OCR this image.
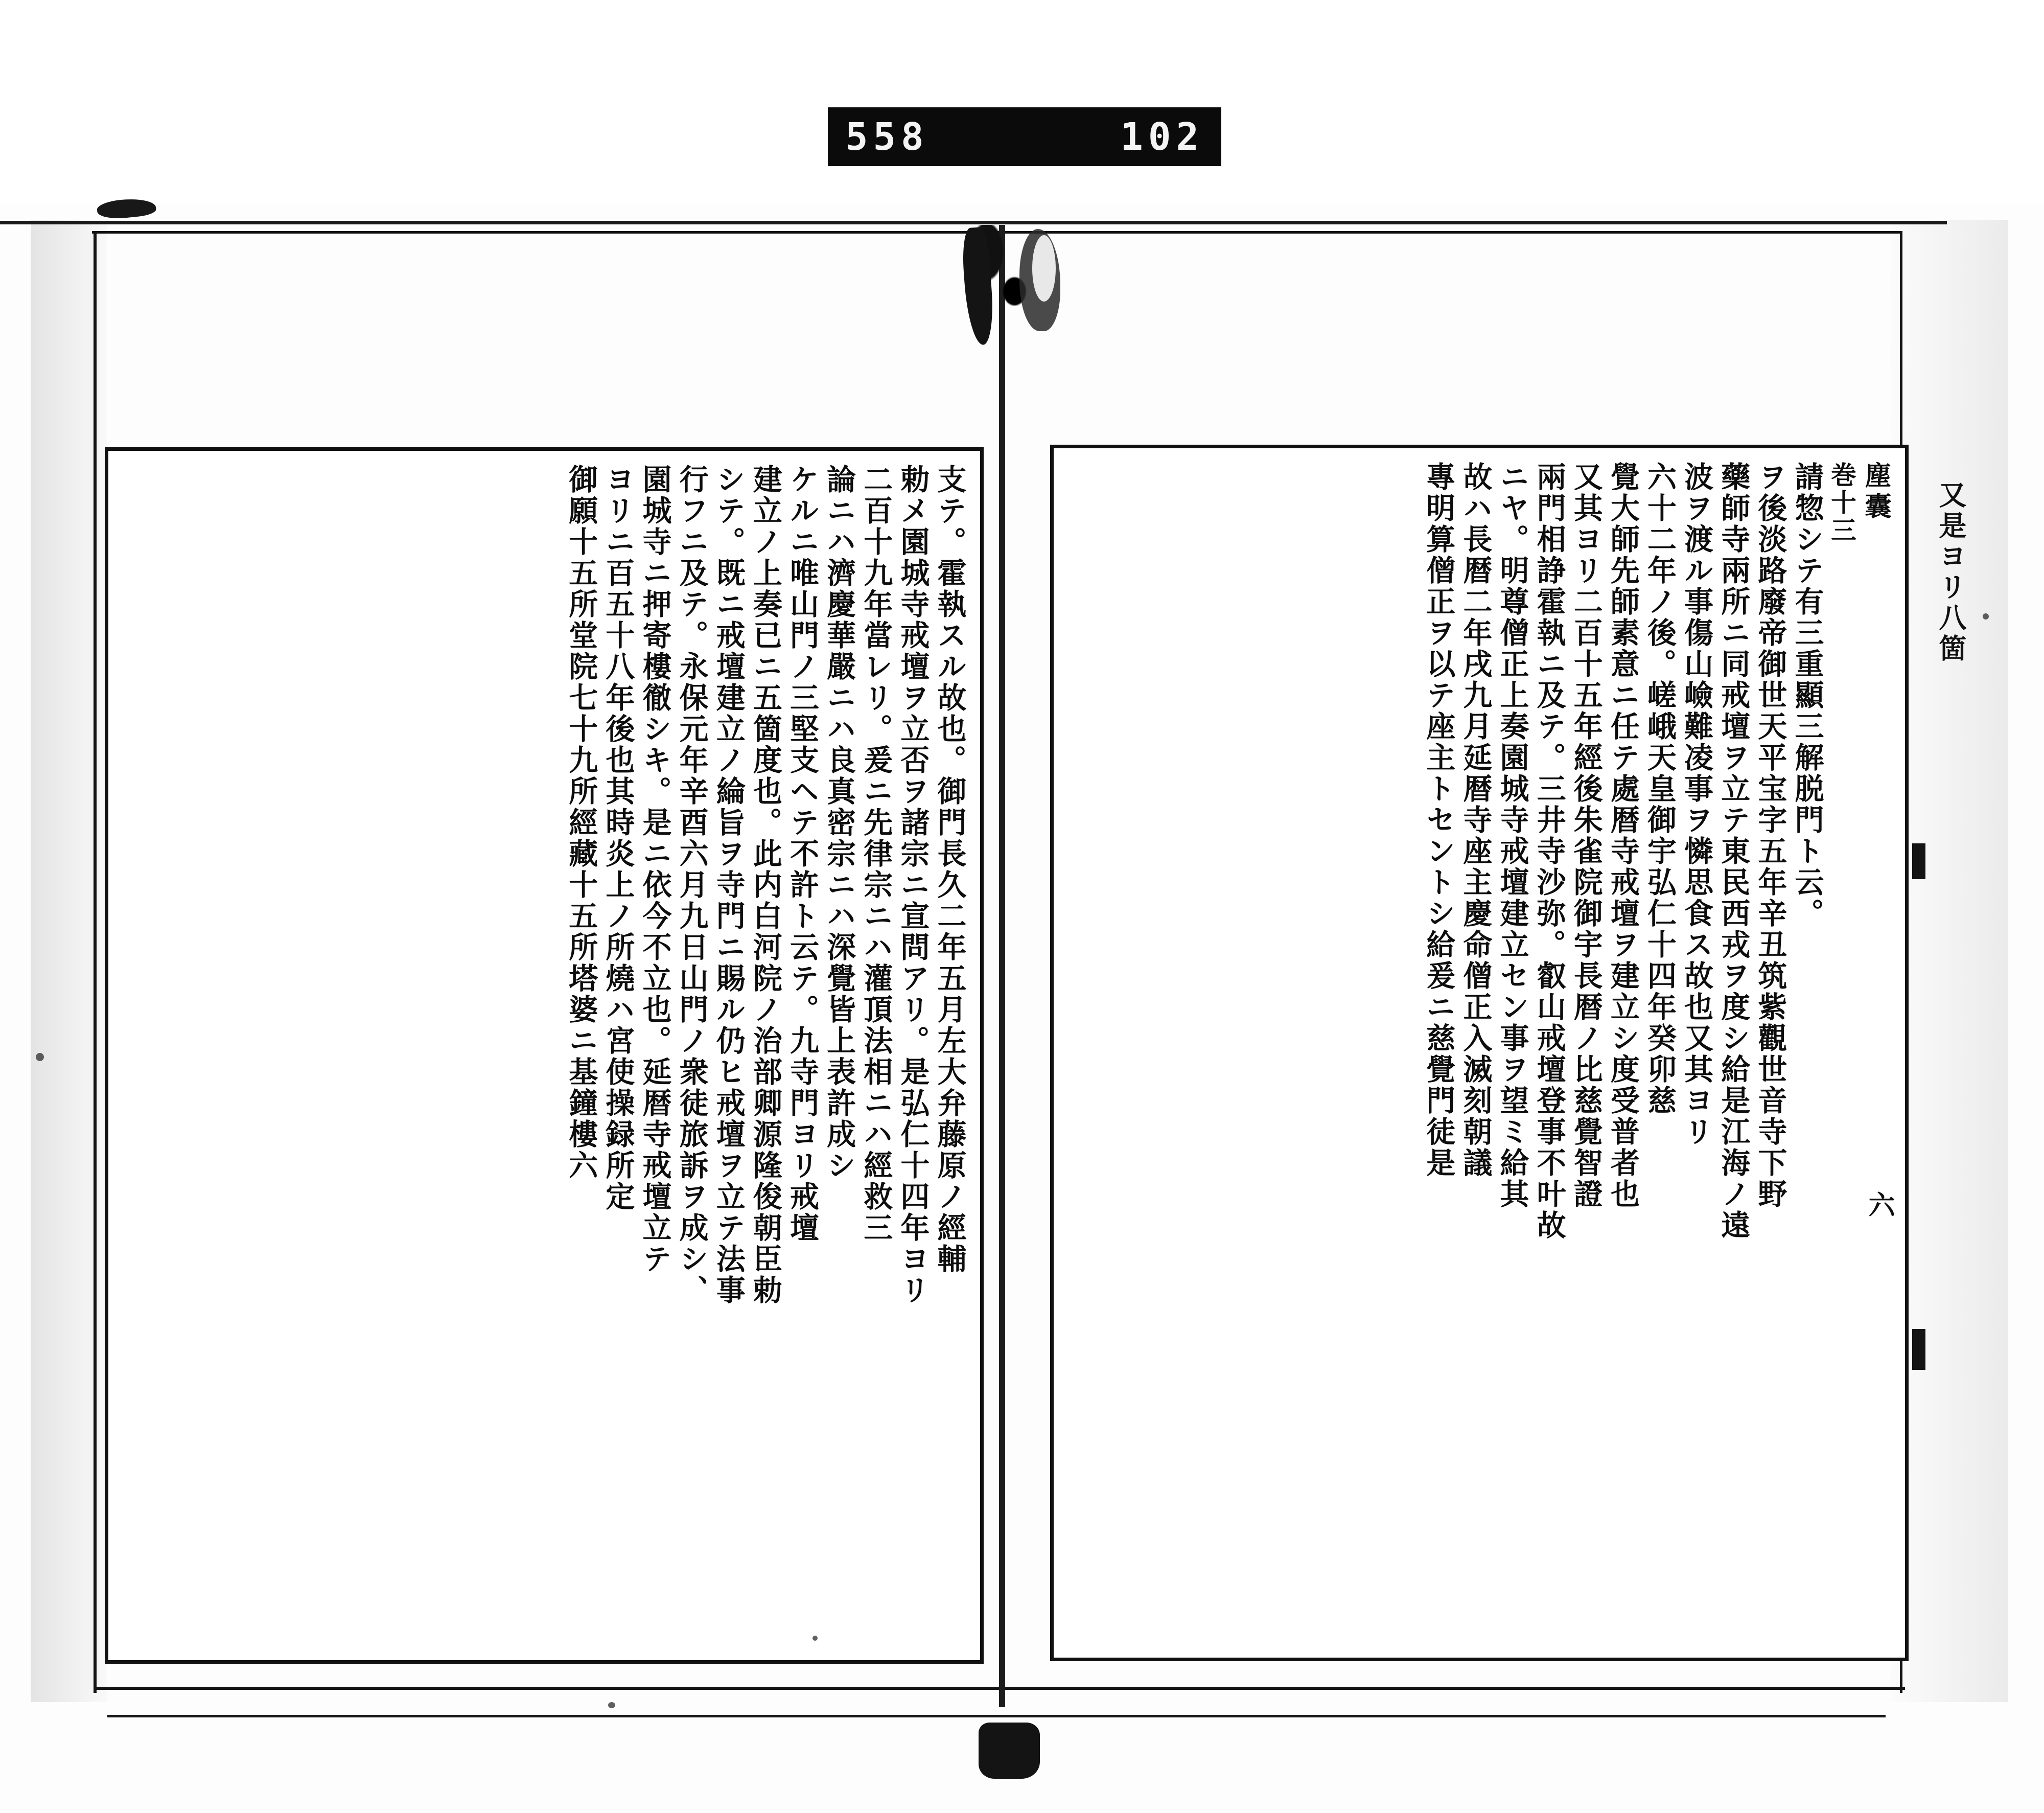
558	102
塵囊
巻十三
請惣シテ有三重顯三解脱門ト云。
ヲ後淡路廢帝御世天平宝字五年辛丑筑紫觀世音寺下野
藥師寺兩所ニ同戒壇ヲ立テ東民西戎ヲ度シ給是江海ノ遠
波ヲ渡ル事傷山嶮難凌事ヲ憐思食ス故也又其ヨリ
六十二年ノ後。嵯峨天皇御宇弘仁十四年癸卯慈
覺大師先師素意ニ任テ處暦寺戒壇ヲ建立シ度受普者也
又其ヨリ二百十五年經後朱雀院御宇長暦ノ比慈覺智證
兩門相諍霍執ニ及テ。三井寺沙弥。叡山戒壇登事不叶故
ニヤ。明尊僧正上奏園城寺戒壇建立セン事ヲ望ミ給其
故ハ長暦二年戌九月延暦寺座主慶命僧正入滅刻朝議
專明算僧正ヲ以テ座主トセントシ給爰ニ慈覺門徒是
支テ。霍執スル故也。御門長久二年五月左大弁藤原ノ經輔
勅メ園城寺戒壇ヲ立否ヲ諸宗ニ宣問アリ。是弘仁十四年ヨリ
二百十九年當レリ。爰ニ先律宗ニハ灌頂法相ニハ經救三
論ニハ濟慶華嚴ニハ良真密宗ニハ深覺皆上表許成シ
ケルニ唯山門ノ三堅支ヘテ不許ト云テ。九寺門ヨリ戒壇
建立ノ上奏已ニ五箇度也。此内白河院ノ治部卿源隆俊朝臣勅
シテ。既ニ戒壇建立ノ綸旨ヲ寺門ニ賜ル仍ヒ戒壇ヲ立テ法事
行フニ及テ。永保元年辛酉六月九日山門ノ衆徒旅訴ヲ成シ、
園城寺ニ押寄樓徹シキ。是ニ依今不立也。延暦寺戒壇立テ
ヨリニ百五十八年後也其時炎上ノ所燒ハ宮使操録所定
御願十五所堂院七十九所經藏十五所塔婆ニ基鐘樓六	又是ヨリ八箇
六
